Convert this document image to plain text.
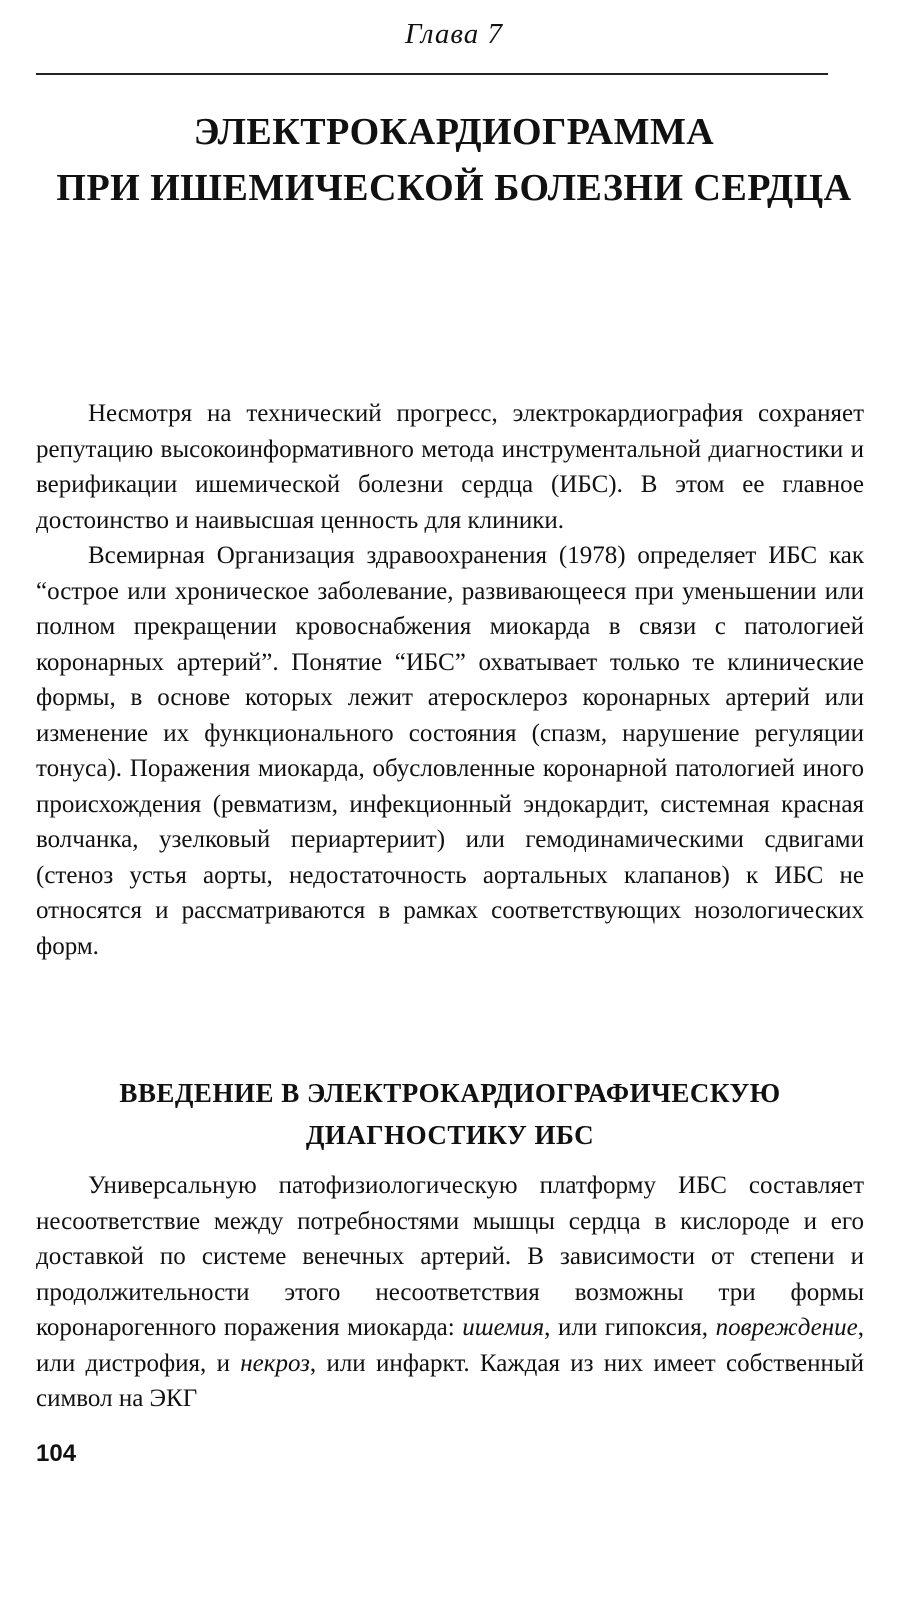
Глава 7
ЭЛЕКТРОКАРДИОГРАММА
ПРИ ИШЕМИЧЕСКОЙ БОЛЕЗНИ СЕРДЦА

Несмотря на технический прогресс, электрокардиография сохраняет репутацию высокоинформативного метода инструментальной диагностики и верификации ишемической болезни сердца (ИБС). В этом ее главное достоинство и наивысшая ценность для клиники.

Всемирная Организация здравоохранения (1978) определяет ИБС как “острое или хроническое заболевание, развивающееся при уменьшении или полном прекращении кровоснабжения миокарда в связи с патологией коронарных артерий”. Понятие “ИБС” охватывает только те клинические формы, в основе которых лежит атеросклероз коронарных артерий или изменение их функционального состояния (спазм, нарушение регуляции тонуса). Поражения миокарда, обусловленные коронарной патологией иного происхождения (ревматизм, инфекционный эндокардит, системная красная волчанка, узелковый периартериит) или гемодинамическими сдвигами (стеноз устья аорты, недостаточность аортальных клапанов) к ИБС не относятся и рассматриваются в рамках соответствующих нозологических форм.

ВВЕДЕНИЕ В ЭЛЕКТРОКАРДИОГРАФИЧЕСКУЮ
ДИАГНОСТИКУ ИБС

Универсальную патофизиологическую платформу ИБС составляет несоответствие между потребностями мышцы сердца в кислороде и его доставкой по системе венечных артерий. В зависимости от степени и продолжительности этого несоответствия возможны три формы коронарогенного поражения миокарда: ишемия, или гипоксия, повреждение, или дистрофия, и некроз, или инфаркт. Каждая из них имеет собственный символ на ЭКГ

104
